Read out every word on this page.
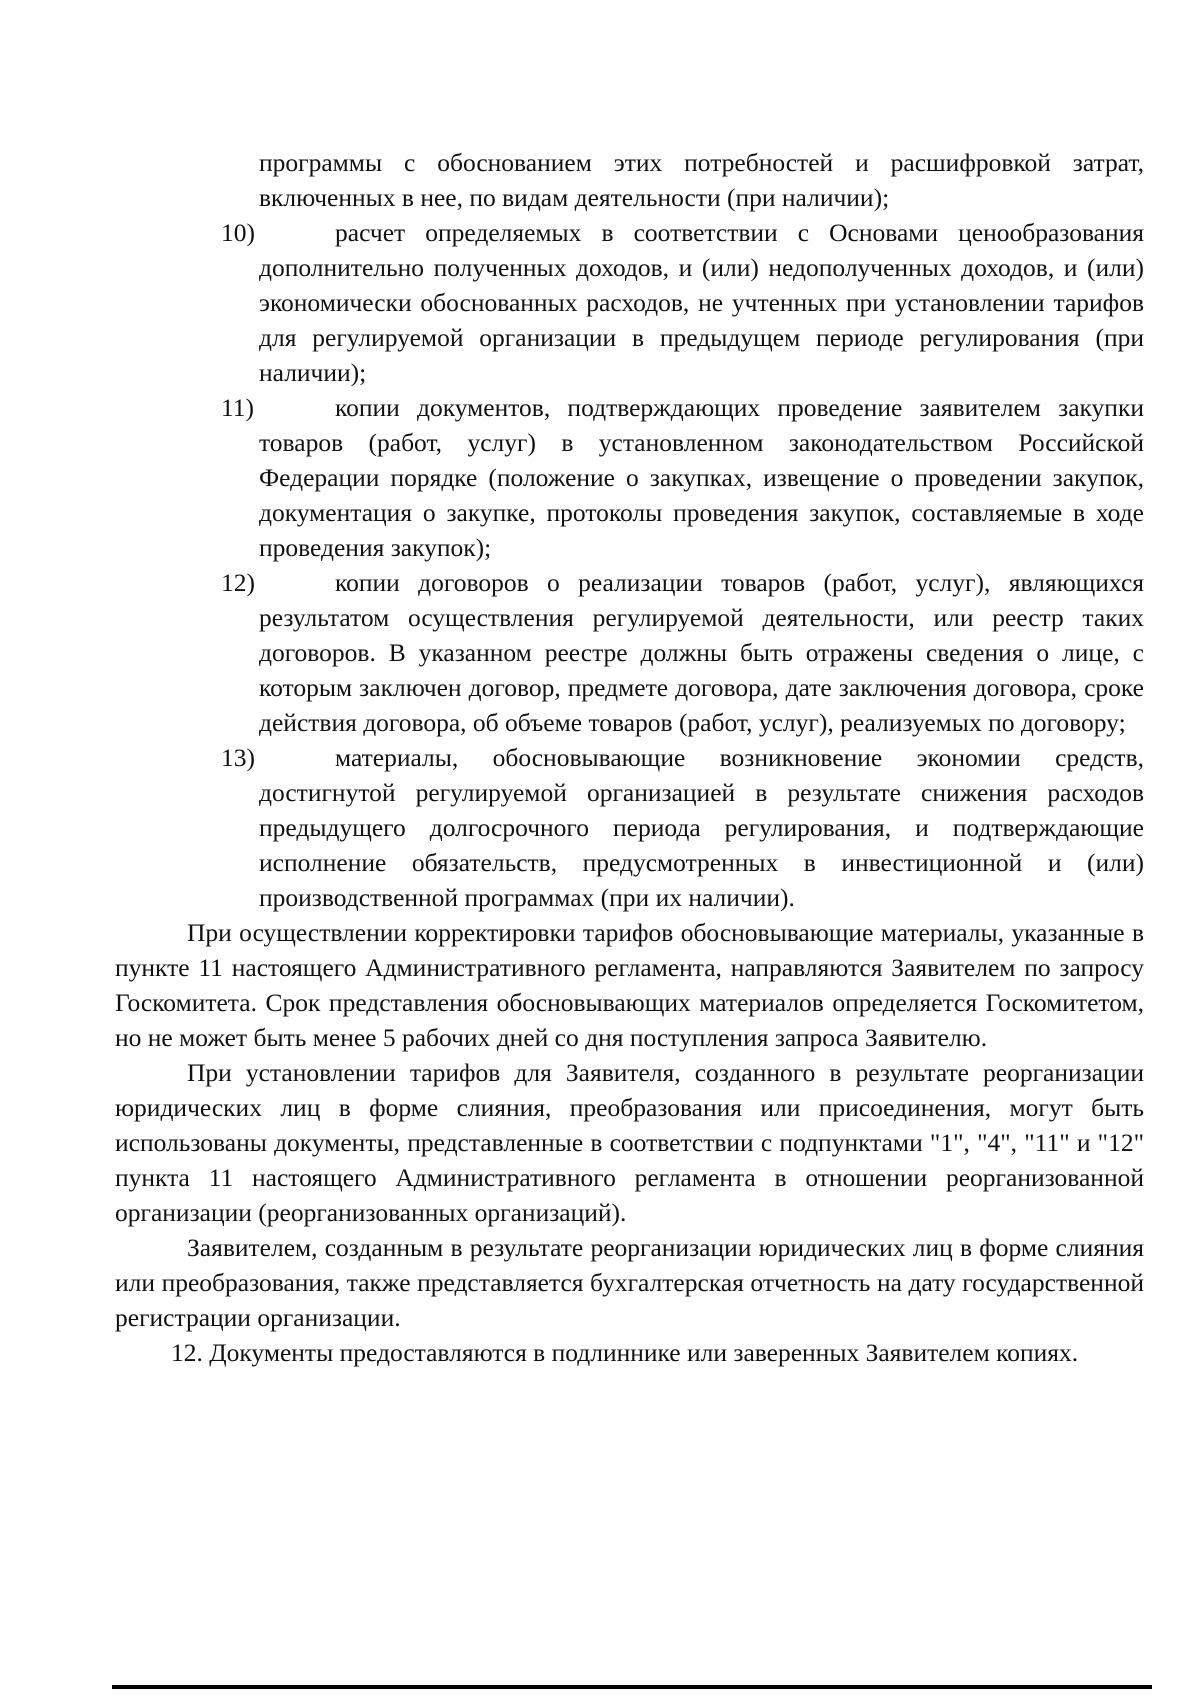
программы с обоснованием этих потребностей и расшифровкой затрат, включенных в нее, по видам деятельности (при наличии);
10)	расчет определяемых в соответствии с Основами ценообразования дополнительно полученных доходов, и (или) недополученных доходов, и (или) экономически обоснованных расходов, не учтенных при установлении тарифов для регулируемой организации в предыдущем периоде регулирования (при наличии);
11)	копии документов, подтверждающих проведение заявителем закупки товаров (работ, услуг) в установленном законодательством Российской Федерации порядке (положение о закупках, извещение о проведении закупок, документация о закупке, протоколы проведения закупок, составляемые в ходе проведения закупок);
12)	копии договоров о реализации товаров (работ, услуг), являющихся результатом осуществления регулируемой деятельности, или реестр таких договоров. В указанном реестре должны быть отражены сведения о лице, с которым заключен договор, предмете договора, дате заключения договора, сроке действия договора, об объеме товаров (работ, услуг), реализуемых по договору;
13)	материалы, обосновывающие возникновение экономии средств, достигнутой регулируемой организацией в результате снижения расходов предыдущего долгосрочного периода регулирования, и подтверждающие исполнение обязательств, предусмотренных в инвестиционной и (или) производственной программах (при их наличии).
При осуществлении корректировки тарифов обосновывающие материалы, указанные в пункте 11 настоящего Административного регламента, направляются Заявителем по запросу Госкомитета. Срок представления обосновывающих материалов определяется Госкомитетом, но не может быть менее 5 рабочих дней со дня поступления запроса Заявителю.
При установлении тарифов для Заявителя, созданного в результате реорганизации юридических лиц в форме слияния, преобразования или присоединения, могут быть использованы документы, представленные в соответствии с подпунктами "1", "4", "11" и "12" пункта 11 настоящего Административного регламента в отношении реорганизованной организации (реорганизованных организаций).
Заявителем, созданным в результате реорганизации юридических лиц в форме слияния или преобразования, также представляется бухгалтерская отчетность на дату государственной регистрации организации.
12. Документы предоставляются в подлиннике или заверенных Заявителем копиях.
